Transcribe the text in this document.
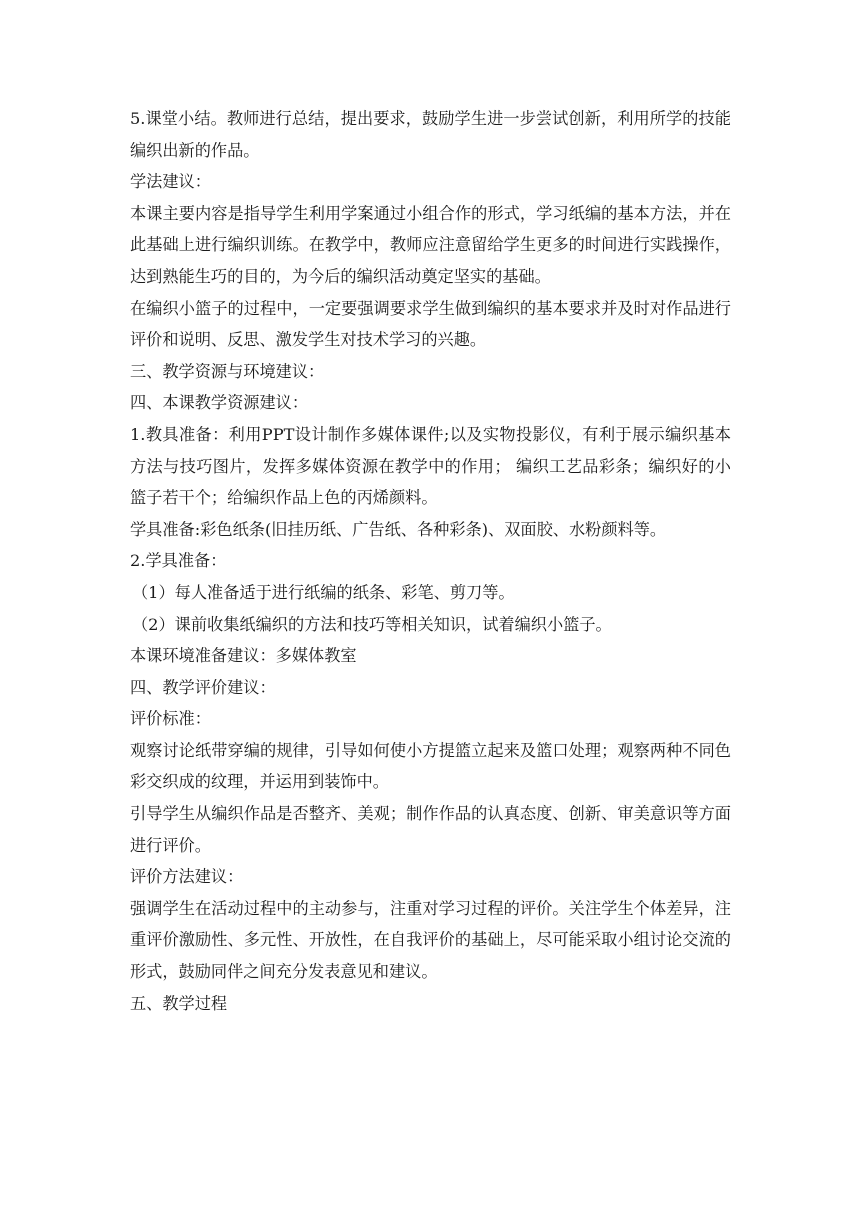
5.课堂小结。教师进行总结，提出要求，鼓励学生进一步尝试创新，利用所学的技能编织出新的作品。

学法建议：

本课主要内容是指导学生利用学案通过小组合作的形式，学习纸编的基本方法，并在此基础上进行编织训练。在教学中，教师应注意留给学生更多的时间进行实践操作，达到熟能生巧的目的，为今后的编织活动奠定坚实的基础。

在编织小篮子的过程中，一定要强调要求学生做到编织的基本要求并及时对作品进行评价和说明、反思、激发学生对技术学习的兴趣。

三、教学资源与环境建议：

四、本课教学资源建议：

1.教具准备：利用PPT设计制作多媒体课件;以及实物投影仪，有利于展示编织基本方法与技巧图片，发挥多媒体资源在教学中的作用； 编织工艺品彩条；编织好的小篮子若干个；给编织作品上色的丙烯颜料。

学具准备:彩色纸条(旧挂历纸、广告纸、各种彩条)、双面胶、水粉颜料等。

2.学具准备：

（1）每人准备适于进行纸编的纸条、彩笔、剪刀等。

（2）课前收集纸编织的方法和技巧等相关知识，试着编织小篮子。

本课环境准备建议：多媒体教室

四、教学评价建议：

评价标准：

观察讨论纸带穿编的规律，引导如何使小方提篮立起来及篮口处理；观察两种不同色彩交织成的纹理，并运用到装饰中。

引导学生从编织作品是否整齐、美观；制作作品的认真态度、创新、审美意识等方面进行评价。

评价方法建议：

强调学生在活动过程中的主动参与，注重对学习过程的评价。关注学生个体差异，注重评价激励性、多元性、开放性，在自我评价的基础上，尽可能采取小组讨论交流的形式，鼓励同伴之间充分发表意见和建议。

五、教学过程
